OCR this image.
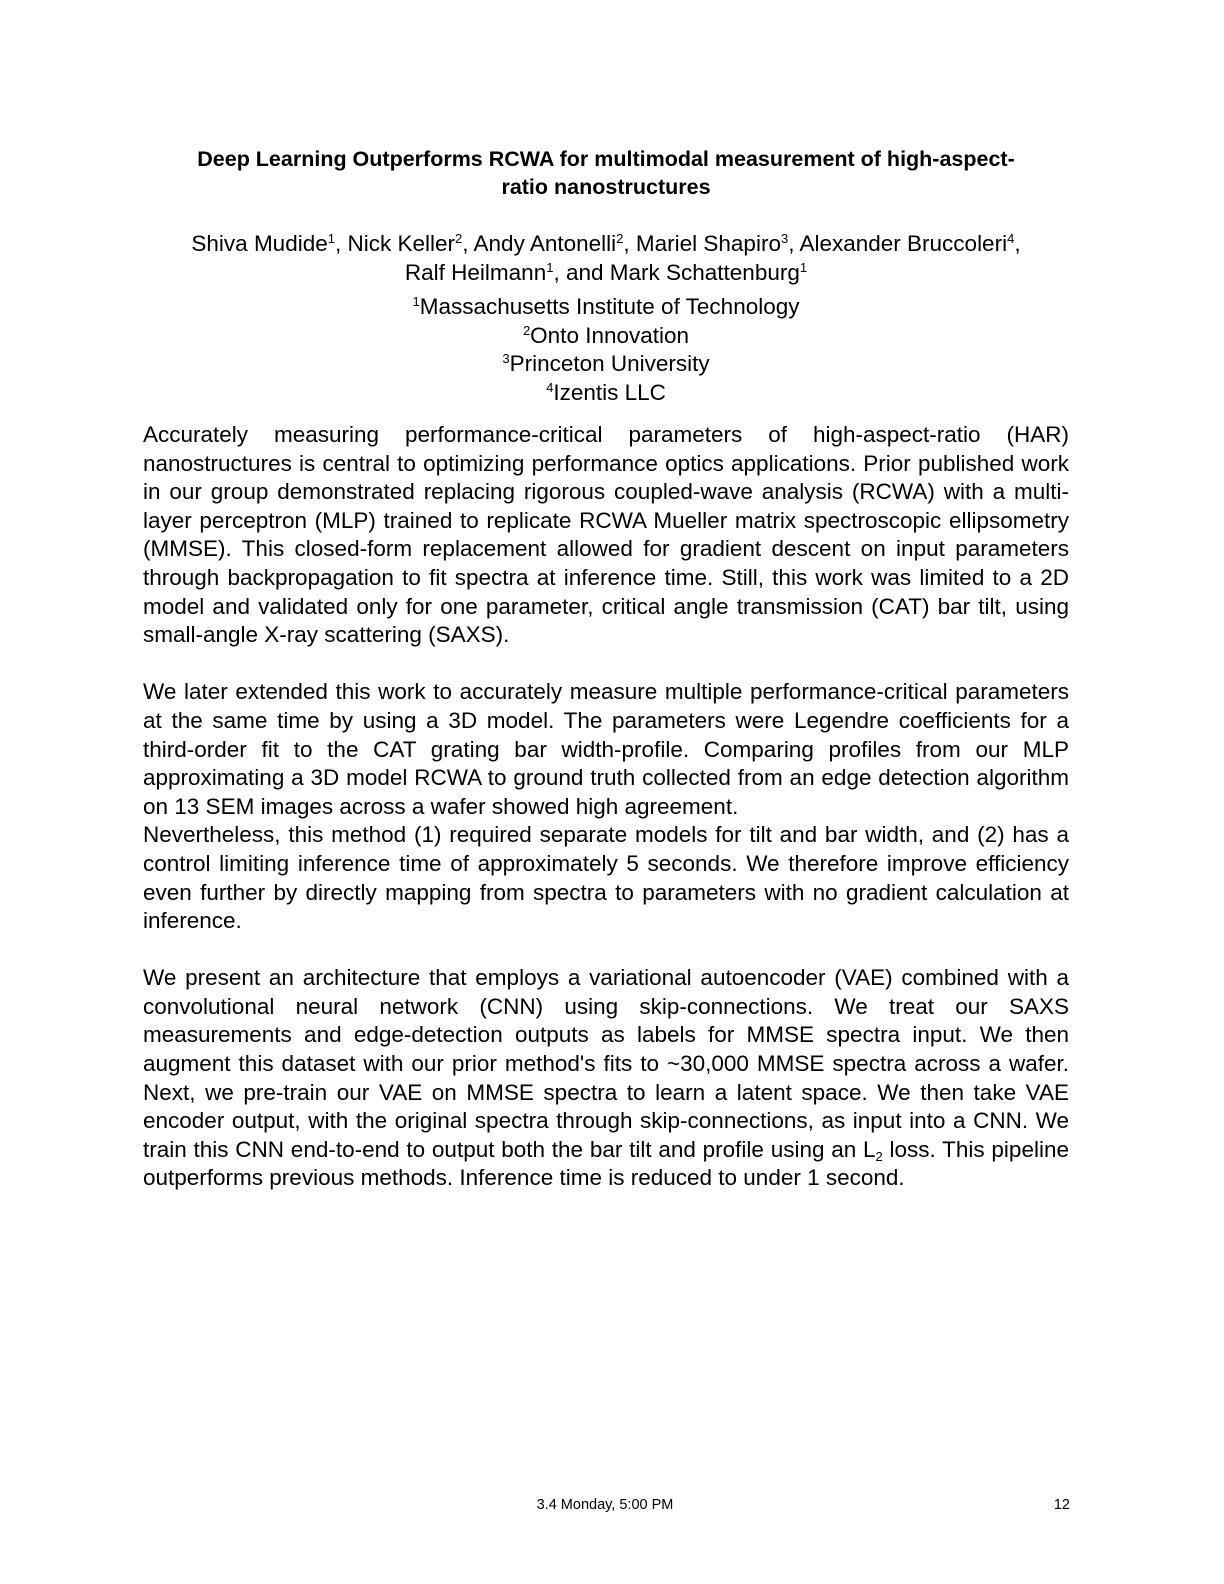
Deep Learning Outperforms RCWA for multimodal measurement of high-aspect-
ratio nanostructures
Shiva Mudide$^1$, Nick Keller$^2$, Andy Antonelli$^2$, Mariel Shapiro$^3$, Alexander Bruccoleri$^4$,
Ralf Heilmann$^1$, and Mark Schattenburg$^1$
$^1$Massachusetts Institute of Technology
$^2$Onto Innovation
$^3$Princeton University
$^4$Izentis LLC

Accurately measuring performance-critical parameters of high-aspect-ratio (HAR) nanostructures is central to optimizing performance optics applications. Prior published work in our group demonstrated replacing rigorous coupled-wave analysis (RCWA) with a multi-layer perceptron (MLP) trained to replicate RCWA Mueller matrix spectroscopic ellipsometry (MMSE). This closed-form replacement allowed for gradient descent on input parameters through backpropagation to fit spectra at inference time. Still, this work was limited to a 2D model and validated only for one parameter, critical angle transmission (CAT) bar tilt, using small-angle X-ray scattering (SAXS).

We later extended this work to accurately measure multiple performance-critical parameters at the same time by using a 3D model. The parameters were Legendre coefficients for a third-order fit to the CAT grating bar width-profile. Comparing profiles from our MLP approximating a 3D model RCWA to ground truth collected from an edge detection algorithm on 13 SEM images across a wafer showed high agreement.
Nevertheless, this method (1) required separate models for tilt and bar width, and (2) has a control limiting inference time of approximately 5 seconds. We therefore improve efficiency even further by directly mapping from spectra to parameters with no gradient calculation at inference.

We present an architecture that employs a variational autoencoder (VAE) combined with a convolutional neural network (CNN) using skip-connections. We treat our SAXS measurements and edge-detection outputs as labels for MMSE spectra input. We then augment this dataset with our prior method's fits to ~30,000 MMSE spectra across a wafer. Next, we pre-train our VAE on MMSE spectra to learn a latent space. We then take VAE encoder output, with the original spectra through skip-connections, as input into a CNN. We train this CNN end-to-end to output both the bar tilt and profile using an $L_2$ loss. This pipeline outperforms previous methods. Inference time is reduced to under 1 second.

3.4 Monday, 5:00 PM	12
